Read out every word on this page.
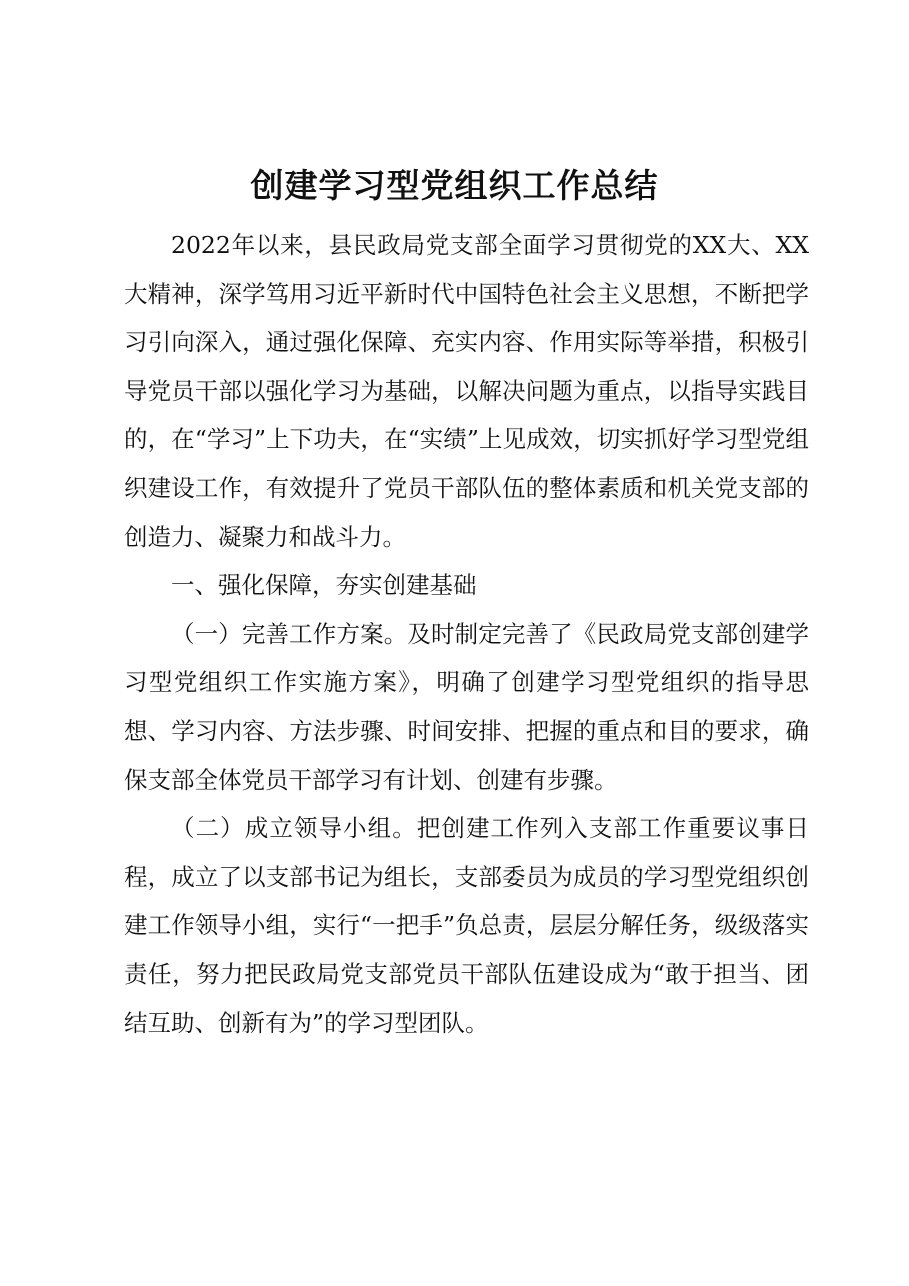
创建学习型党组织工作总结

2022年以来，县民政局党支部全面学习贯彻党的XX大、XX大精神，深学笃用习近平新时代中国特色社会主义思想，不断把学习引向深入，通过强化保障、充实内容、作用实际等举措，积极引导党员干部以强化学习为基础，以解决问题为重点，以指导实践目的，在“学习”上下功夫，在“实绩”上见成效，切实抓好学习型党组织建设工作，有效提升了党员干部队伍的整体素质和机关党支部的创造力、凝聚力和战斗力。

一、强化保障，夯实创建基础

（一）完善工作方案。及时制定完善了《民政局党支部创建学习型党组织工作实施方案》，明确了创建学习型党组织的指导思想、学习内容、方法步骤、时间安排、把握的重点和目的要求，确保支部全体党员干部学习有计划、创建有步骤。

（二）成立领导小组。把创建工作列入支部工作重要议事日程，成立了以支部书记为组长，支部委员为成员的学习型党组织创建工作领导小组，实行“一把手”负总责，层层分解任务，级级落实责任，努力把民政局党支部党员干部队伍建设成为“敢于担当、团结互助、创新有为”的学习型团队。
